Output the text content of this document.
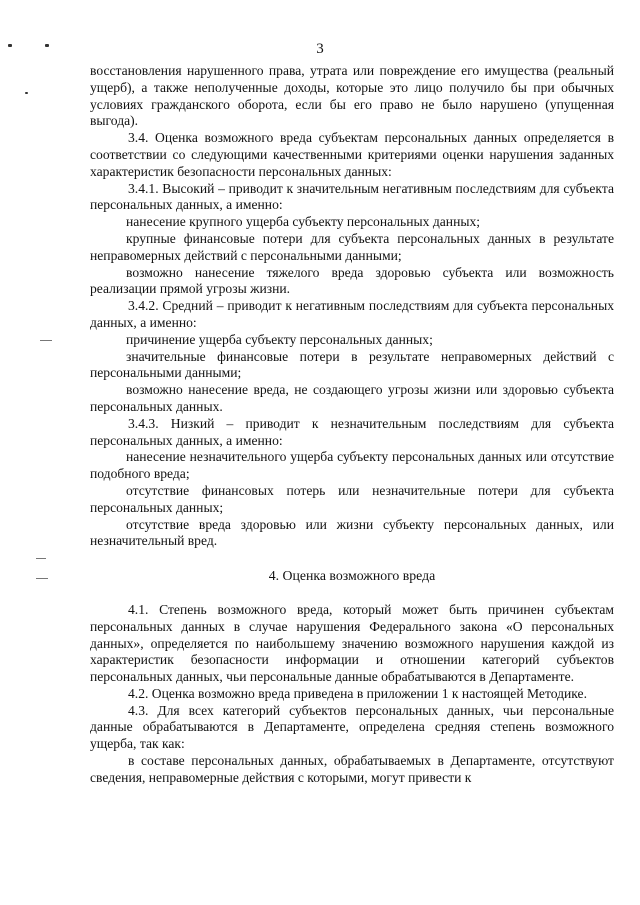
3

восстановления нарушенного права, утрата или повреждение его имущества (реальный ущерб), а также неполученные доходы, которые это лицо получило бы при обычных условиях гражданского оборота, если бы его право не было нарушено (упущенная выгода).

3.4. Оценка возможного вреда субъектам персональных данных определяется в соответствии со следующими качественными критериями оценки нарушения заданных характеристик безопасности персональных данных:

3.4.1. Высокий – приводит к значительным негативным последствиям для субъекта персональных данных, а именно:

нанесение крупного ущерба субъекту персональных данных;

крупные финансовые потери для субъекта персональных данных в результате неправомерных действий с персональными данными;

возможно нанесение тяжелого вреда здоровью субъекта или возможность реализации прямой угрозы жизни.

3.4.2. Средний – приводит к негативным последствиям для субъекта персональных данных, а именно:

причинение ущерба субъекту персональных данных;

значительные финансовые потери в результате неправомерных действий с персональными данными;

возможно нанесение вреда, не создающего угрозы жизни или здоровью субъекта персональных данных.

3.4.3. Низкий – приводит к незначительным последствиям для субъекта персональных данных, а именно:

нанесение незначительного ущерба субъекту персональных данных или отсутствие подобного вреда;

отсутствие финансовых потерь или незначительные потери для субъекта персональных данных;

отсутствие вреда здоровью или жизни субъекту персональных данных, или незначительный вред.

4. Оценка возможного вреда

4.1. Степень возможного вреда, который может быть причинен субъектам персональных данных в случае нарушения Федерального закона «О персональных данных», определяется по наибольшему значению возможного нарушения каждой из характеристик безопасности информации и отношении категорий субъектов персональных данных, чьи персональные данные обрабатываются в Департаменте.

4.2. Оценка возможно вреда приведена в приложении 1 к настоящей Методике.

4.3. Для всех категорий субъектов персональных данных, чьи персональные данные обрабатываются в Департаменте, определена средняя степень возможного ущерба, так как:

в составе персональных данных, обрабатываемых в Департаменте, отсутствуют сведения, неправомерные действия с которыми, могут привести к
